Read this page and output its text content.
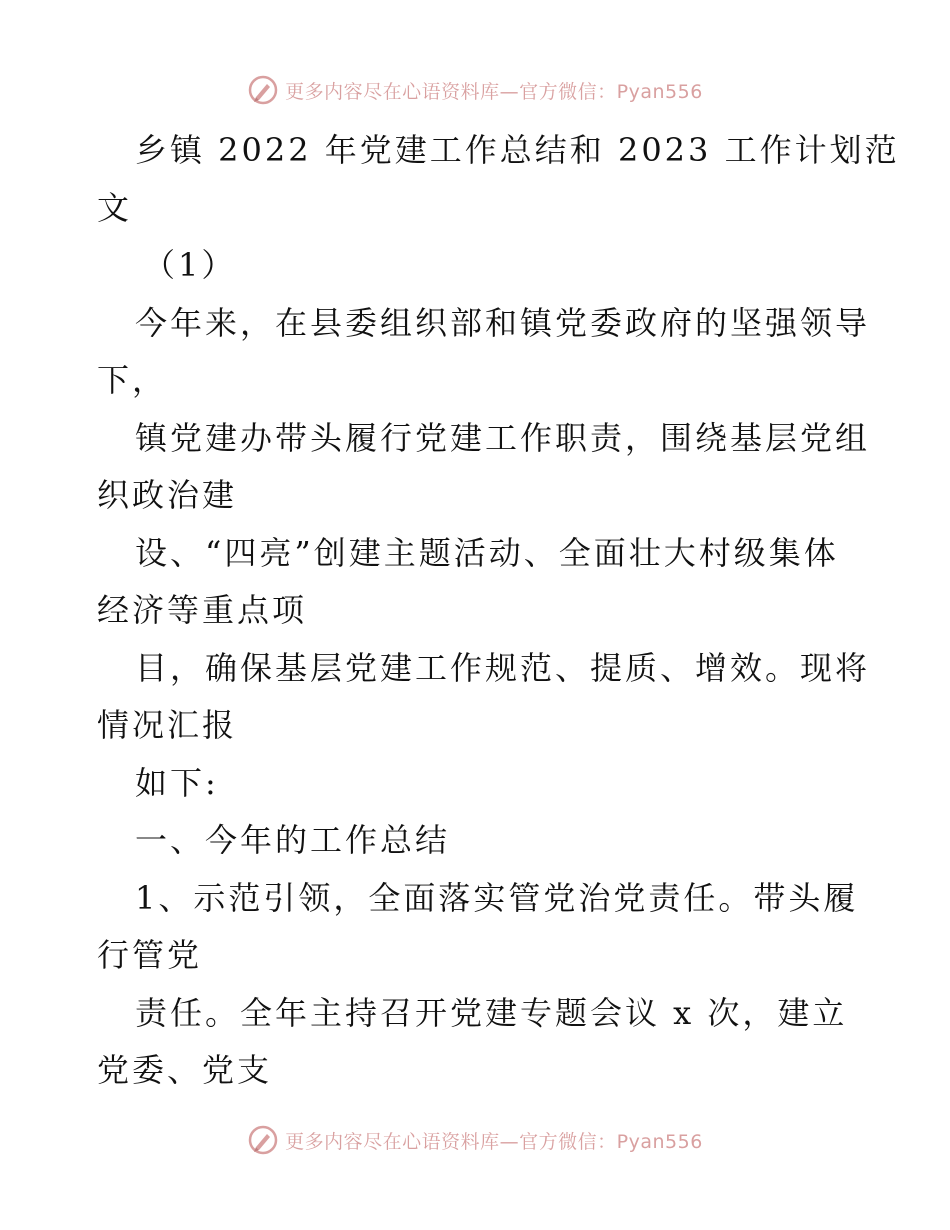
更多内容尽在心语资料库—官方微信：Pyan556
乡镇 2022 年党建工作总结和 2023 工作计划范
文
（1）
今年来，在县委组织部和镇党委政府的坚强领导
下，
镇党建办带头履行党建工作职责，围绕基层党组
织政治建
设、“四亮”创建主题活动、全面壮大村级集体
经济等重点项
目，确保基层党建工作规范、提质、增效。现将
情况汇报
如下:
一、今年的工作总结
1、示范引领，全面落实管党治党责任。带头履
行管党
责任。全年主持召开党建专题会议 x 次，建立
党委、党支
更多内容尽在心语资料库—官方微信：Pyan556
